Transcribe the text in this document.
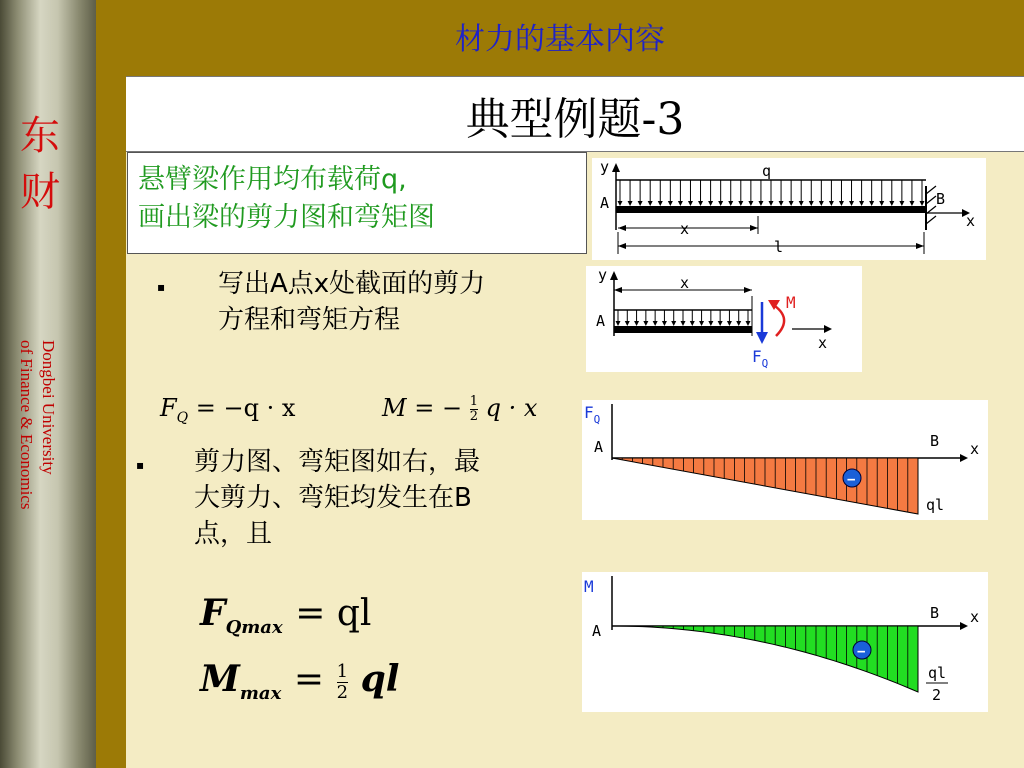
东
财
Dongbei University
of Finance & Economics
材力的基本内容
典型例题-3
悬臂梁作用均布载荷q,
画出梁的剪力图和弯矩图
▪ 写出A点x处截面的剪力
方程和弯矩方程
$F_Q = -q \cdot x$	M = − $\frac{1}{2}$ q · x
▪ 剪力图、弯矩图如右，最
大剪力、弯矩均发生在B
点，且
$F_{Qmax}$ = ql
$M_{max} = \frac{1}{2}$ ql
y
A
q
B
x
x
l
y
A
x
$F_Q$
M
x
$F_Q$
A	x
B
−
ql
M
A
x
B
−
ql
2
